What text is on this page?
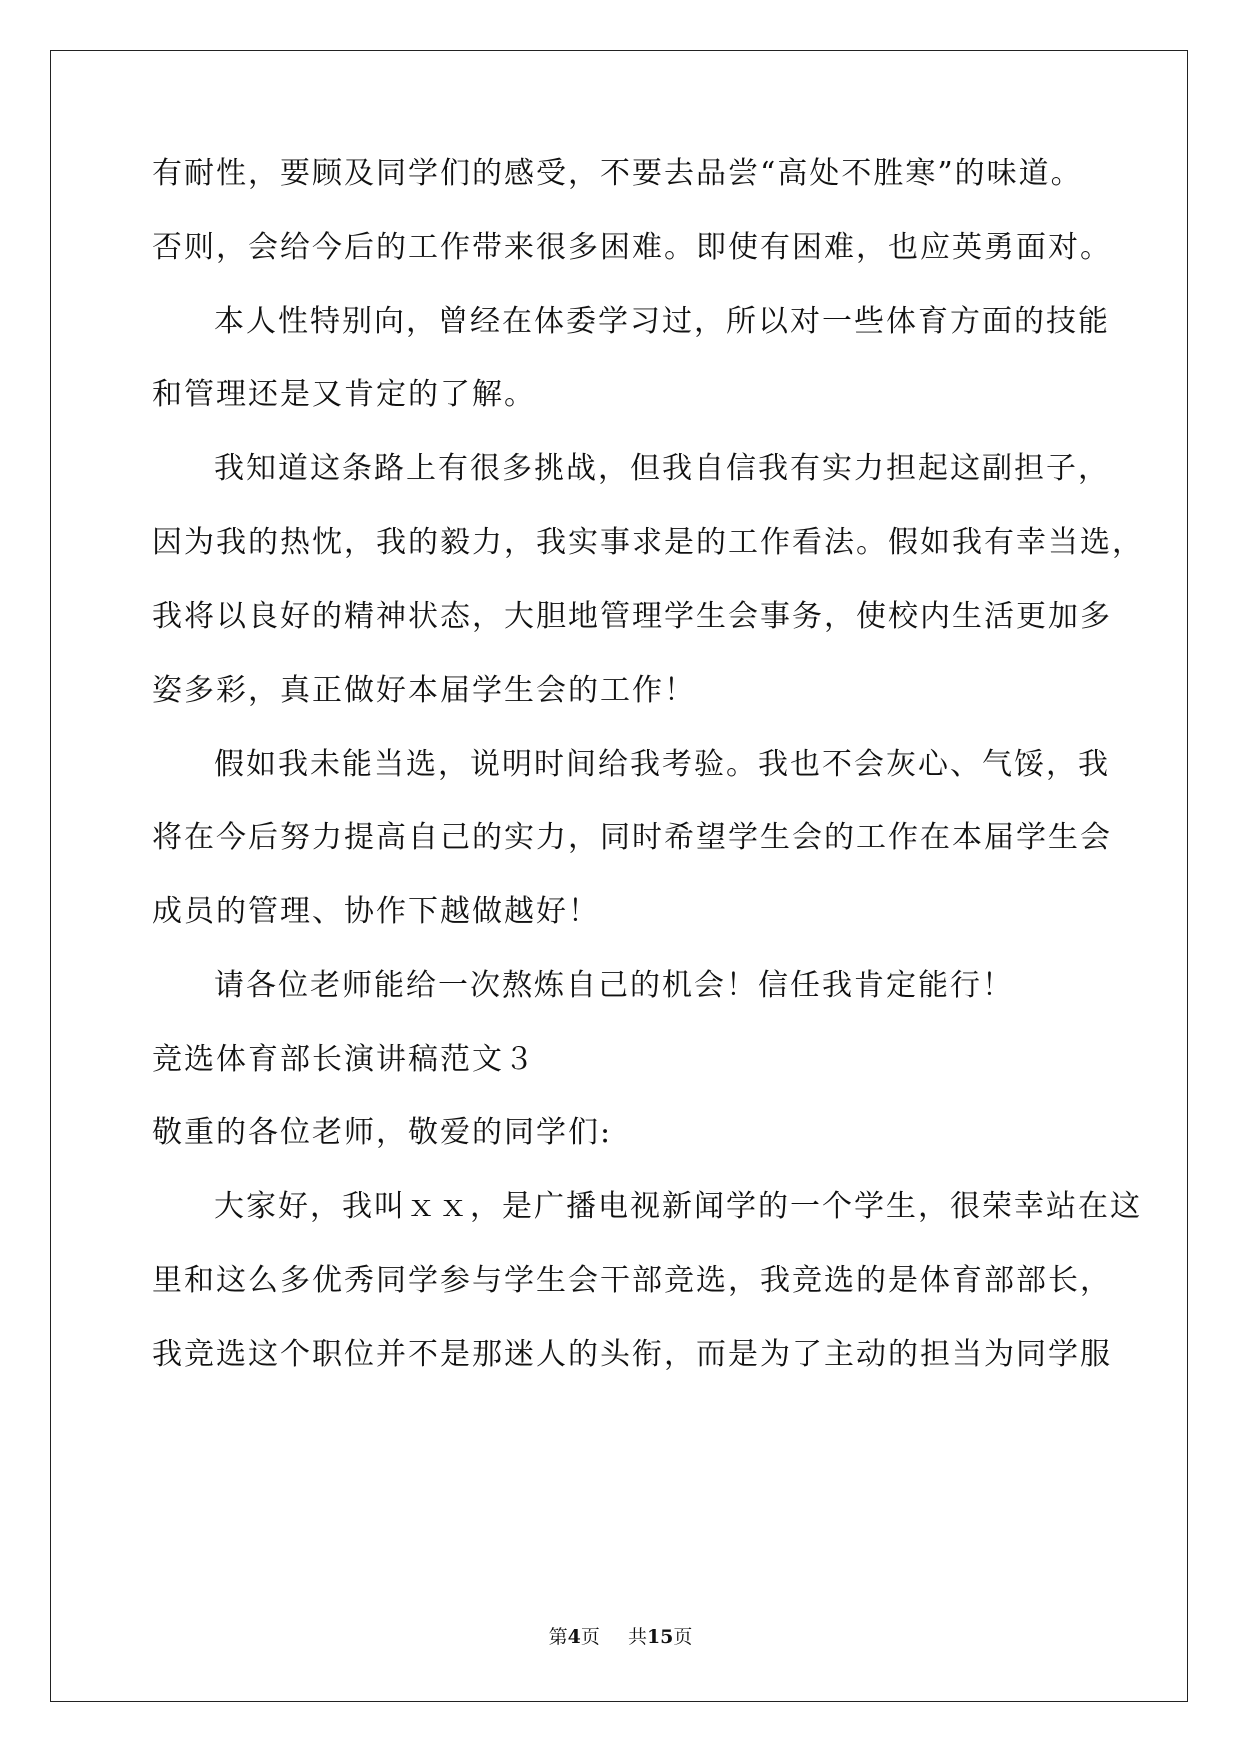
有耐性，要顾及同学们的感受，不要去品尝“高处不胜寒”的味道。
否则，会给今后的工作带来很多困难。即使有困难，也应英勇面对。
本人性特别向，曾经在体委学习过，所以对一些体育方面的技能
和管理还是又肯定的了解。
我知道这条路上有很多挑战，但我自信我有实力担起这副担子，
因为我的热忱，我的毅力，我实事求是的工作看法。假如我有幸当选，
我将以良好的精神状态，大胆地管理学生会事务，使校内生活更加多
姿多彩，真正做好本届学生会的工作！
假如我未能当选，说明时间给我考验。我也不会灰心、气馁，我
将在今后努力提高自己的实力，同时希望学生会的工作在本届学生会
成员的管理、协作下越做越好！
请各位老师能给一次熬炼自己的机会！信任我肯定能行！
竞选体育部长演讲稿范文３
敬重的各位老师，敬爱的同学们:
大家好，我叫ｘｘ，是广播电视新闻学的一个学生，很荣幸站在这
里和这么多优秀同学参与学生会干部竞选，我竞选的是体育部部长，
我竞选这个职位并不是那迷人的头衔，而是为了主动的担当为同学服
第4页 共15页
